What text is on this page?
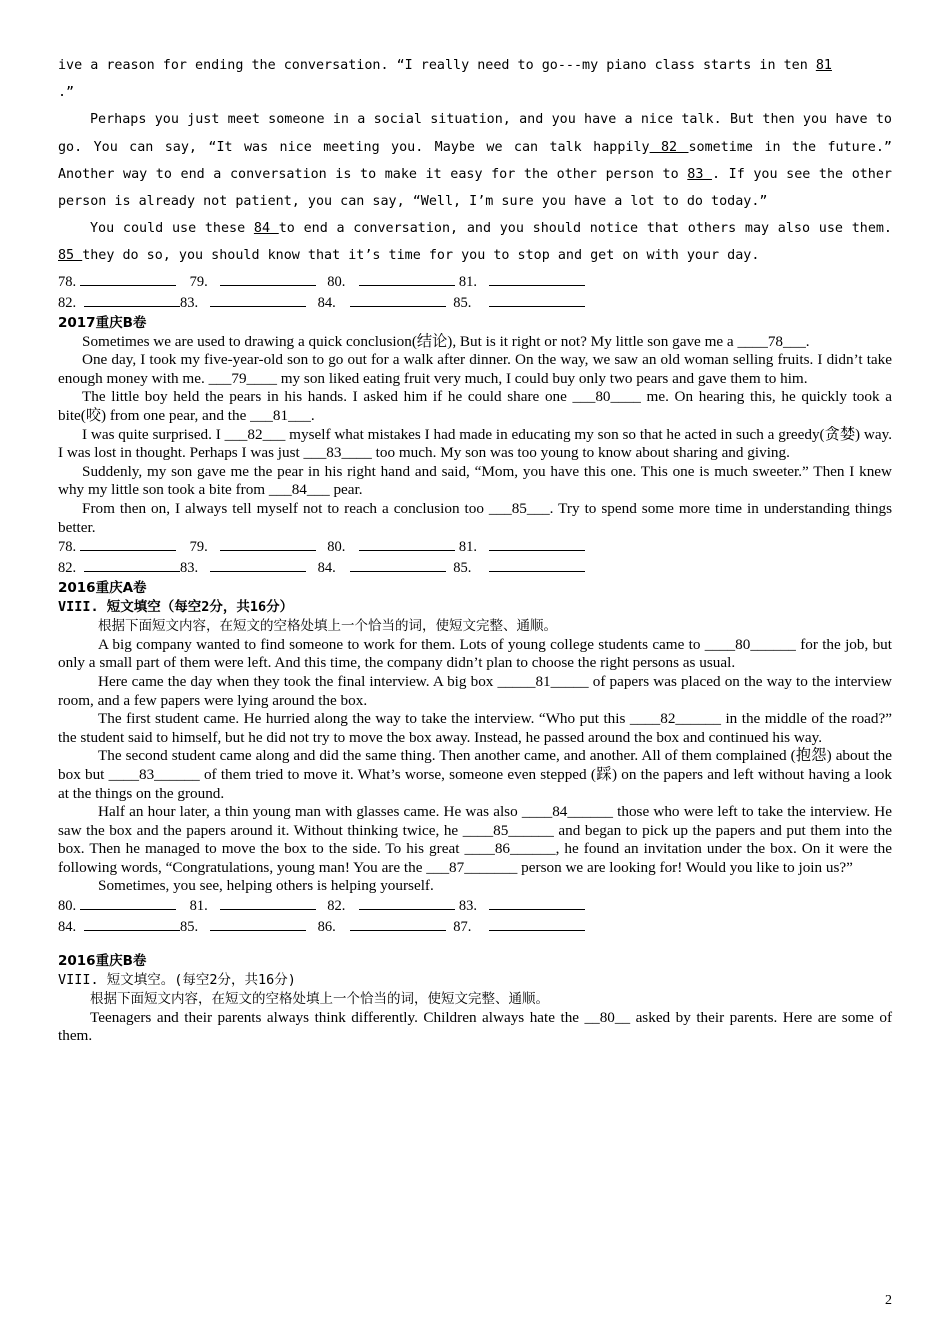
ive a reason for ending the conversation. “I really need to go---my piano class starts in ten 81
.”

Perhaps you just meet someone in a social situation, and you have a nice talk. But then you have to go. You can say, “It was nice meeting you. Maybe we can talk happily 82 sometime in the future.” Another way to end a conversation is to make it easy for the other person to 83 . If you see the other person is already not patient, you can say, “Well, I’m sure you have a lot to do today.”

You could use these 84 to end a conversation, and you should notice that others may also use them. 85 they do so, you should know that it’s time for you to stop and get on with your day.

78.	79.	80.	81.
82.	83.	84.	85.

2017重庆B卷

Sometimes we are used to drawing a quick conclusion(结论), But is it right or not? My little son gave me a ____78___.

One day, I took my five-year-old son to go out for a walk after dinner. On the way, we saw an old woman selling fruits. I didn’t take enough money with me. ___79____ my son liked eating fruit very much, I could buy only two pears and gave them to him.

The little boy held the pears in his hands. I asked him if he could share one ___80____ me. On hearing this, he quickly took a bite(咬) from one pear, and the ___81___.

I was quite surprised. I ___82___ myself what mistakes I had made in educating my son so that he acted in such a greedy(贪婪) way. I was lost in thought. Perhaps I was just ___83____ too much. My son was too young to know about sharing and giving.

Suddenly, my son gave me the pear in his right hand and said, “Mom, you have this one. This one is much sweeter.” Then I knew why my little son took a bite from ___84___ pear.

From then on, I always tell myself not to reach a conclusion too ___85___. Try to spend some more time in understanding things better.

78.	79.	80.	81.
82.	83.	84.	85.

2016重庆A卷

VIII. 短文填空（每空2分，共16分）

根据下面短文内容，在短文的空格处填上一个恰当的词，使短文完整、通顺。

A big company wanted to find someone to work for them. Lots of young college students came to ____80______ for the job, but only a small part of them were left. And this time, the company didn’t plan to choose the right persons as usual.

Here came the day when they took the final interview. A big box _____81_____ of papers was placed on the way to the interview room, and a few papers were lying around the box.

The first student came. He hurried along the way to take the interview. “Who put this ____82______ in the middle of the road?” the student said to himself, but he did not try to move the box away. Instead, he passed around the box and continued his way.

The second student came along and did the same thing. Then another came, and another. All of them complained (抱怨) about the box but ____83______ of them tried to move it. What’s worse, someone even stepped (踩) on the papers and left without having a look at the things on the ground.

Half an hour later, a thin young man with glasses came. He was also ____84______ those who were left to take the interview. He saw the box and the papers around it. Without thinking twice, he ____85______ and began to pick up the papers and put them into the box. Then he managed to move the box to the side. To his great ____86______, he found an invitation under the box. On it were the following words, “Congratulations, young man! You are the ___87_______ person we are looking for! Would you like to join us?”

Sometimes, you see, helping others is helping yourself.

80.	81.	82.	83.
84.	85.	86.	87.

2016重庆B卷

VIII. 短文填空。(每空2分，共16分)

根据下面短文内容，在短文的空格处填上一个恰当的词，使短文完整、通顺。

Teenagers and their parents always think differently. Children always hate the __80__ asked by their parents. Here are some of them.

2
